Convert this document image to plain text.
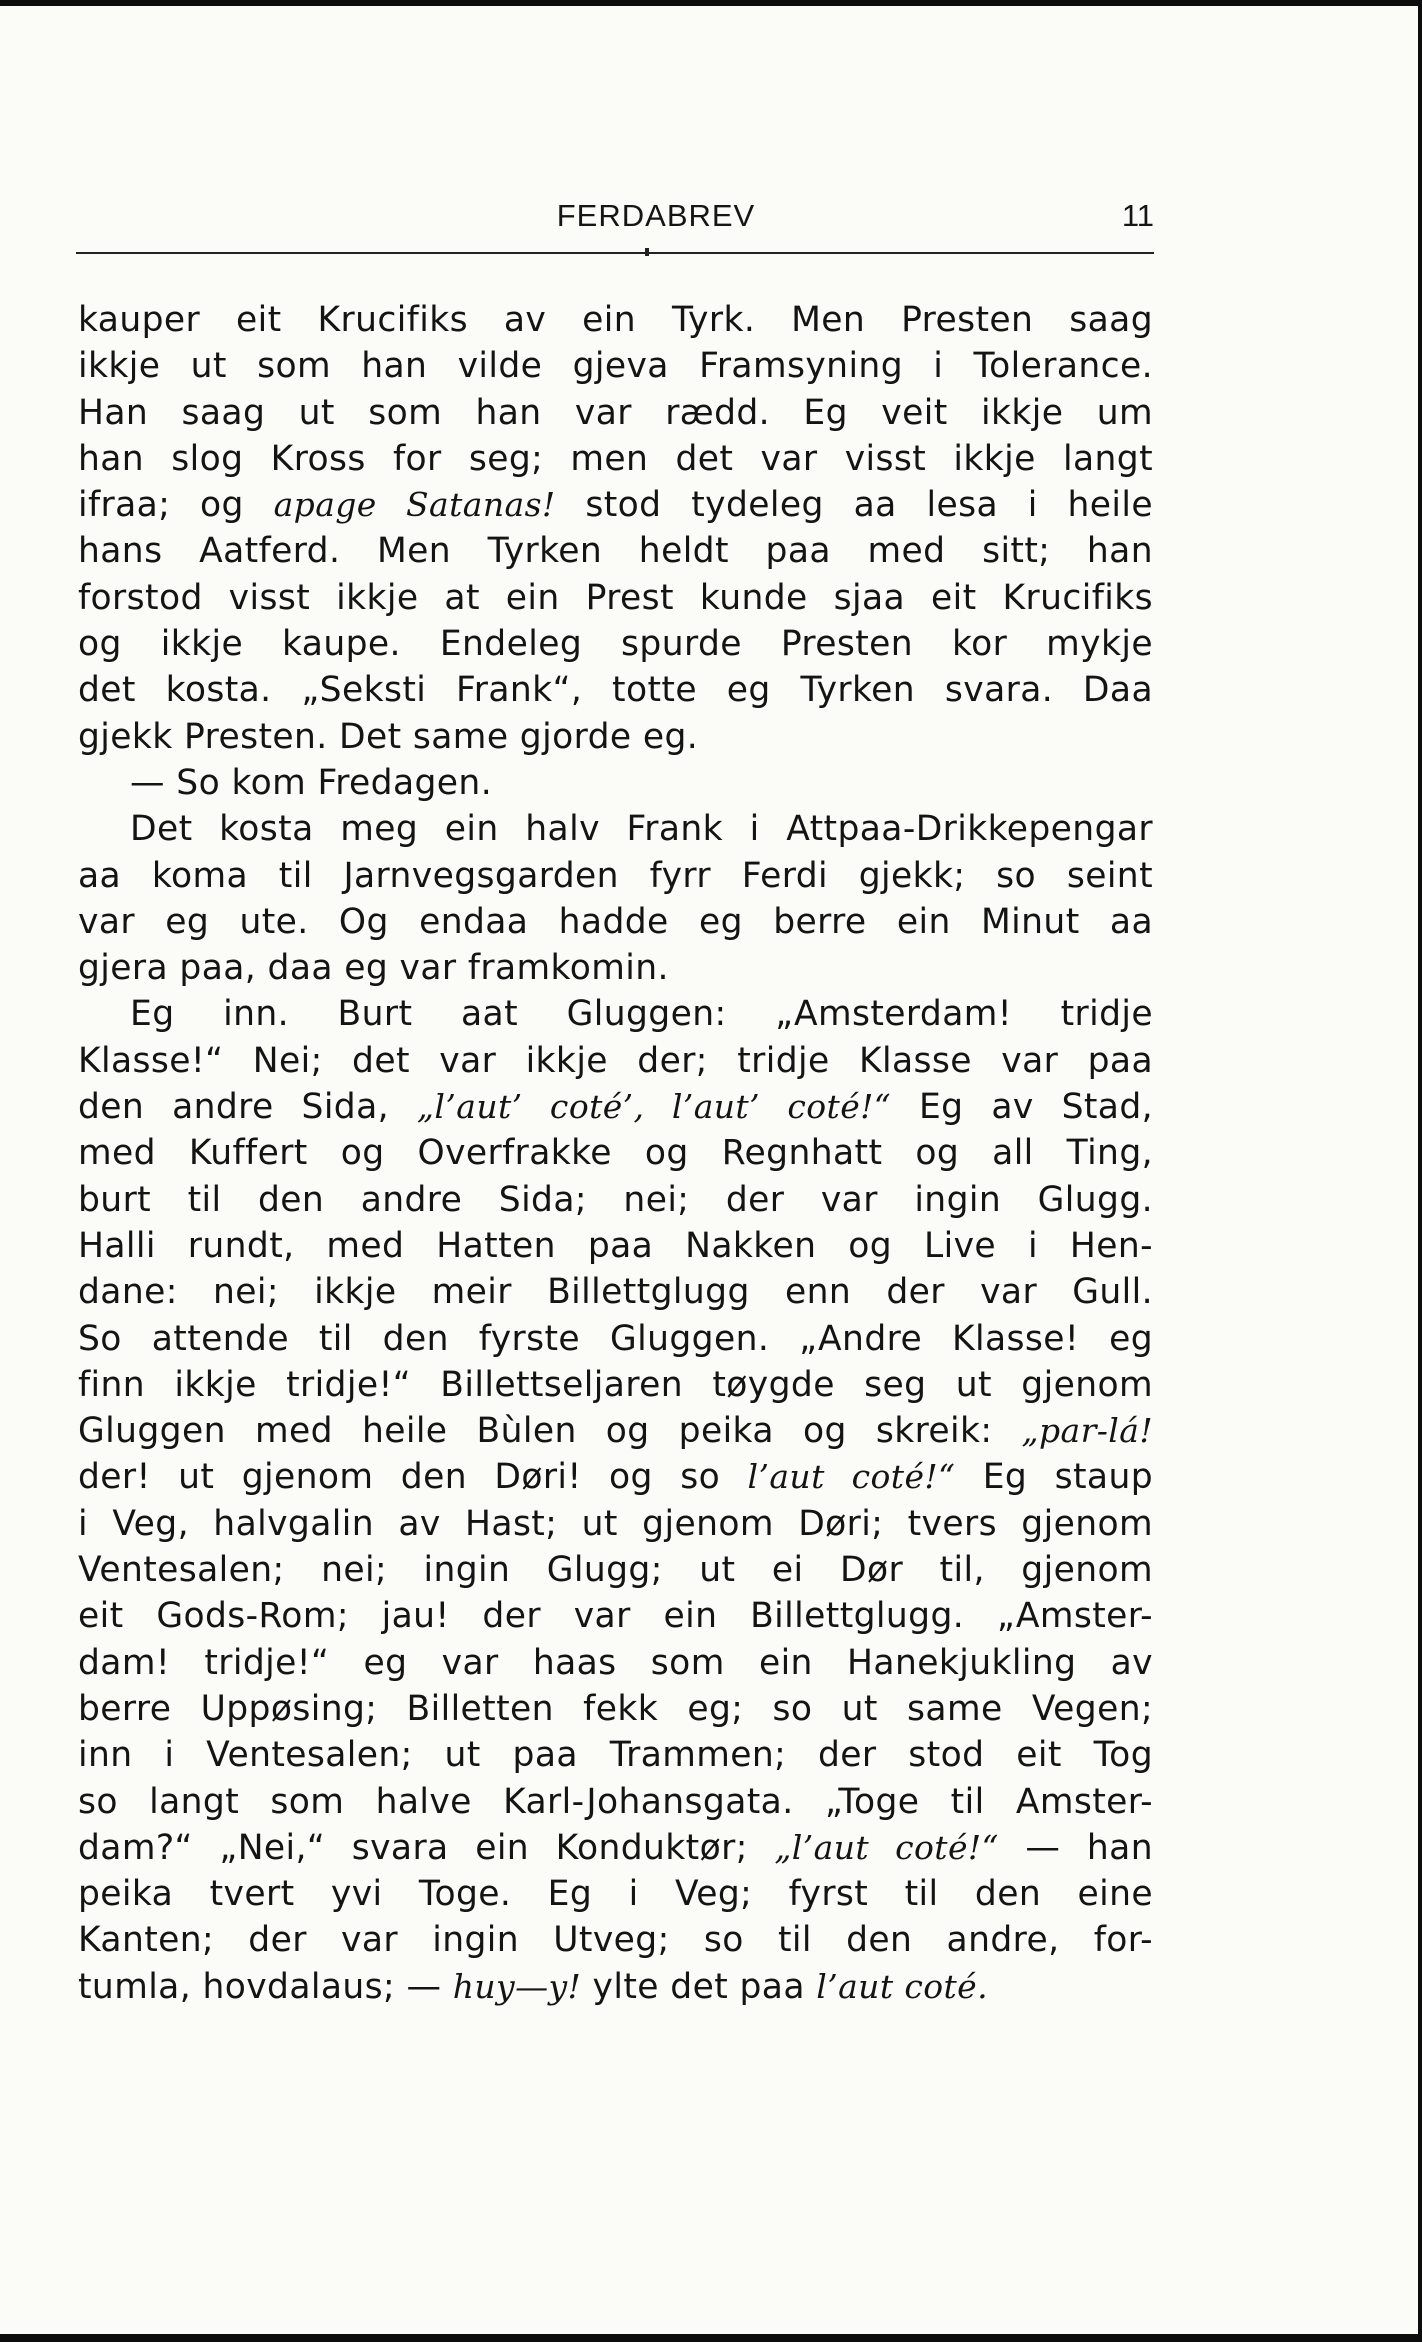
FERDABREV	11
kauper eit Krucifiks av ein Tyrk. Men Presten saag
ikkje ut som han vilde gjeva Framsyning i Tolerance.
Han saag ut som han var rædd. Eg veit ikkje um
han slog Kross for seg; men det var visst ikkje langt
ifraa; og apage Satanas! stod tydeleg aa lesa i heile
hans Aatferd. Men Tyrken heldt paa med sitt; han
forstod visst ikkje at ein Prest kunde sjaa eit Krucifiks
og ikkje kaupe. Endeleg spurde Presten kor mykje
det kosta. „Seksti Frank“, totte eg Tyrken svara. Daa
gjekk Presten. Det same gjorde eg.
— So kom Fredagen.
Det kosta meg ein halv Frank i Attpaa-Drikkepengar
aa koma til Jarnvegsgarden fyrr Ferdi gjekk; so seint
var eg ute. Og endaa hadde eg berre ein Minut aa
gjera paa, daa eg var framkomin.
Eg inn. Burt aat Gluggen: „Amsterdam! tridje
Klasse!“ Nei; det var ikkje der; tridje Klasse var paa
den andre Sida, „l’aut’ coté’, l’aut’ coté!“ Eg av Stad,
med Kuffert og Overfrakke og Regnhatt og all Ting,
burt til den andre Sida; nei; der var ingin Glugg.
Halli rundt, med Hatten paa Nakken og Live i Hen-
dane: nei; ikkje meir Billettglugg enn der var Gull.
So attende til den fyrste Gluggen. „Andre Klasse! eg
finn ikkje tridje!“ Billettseljaren tøygde seg ut gjenom
Gluggen med heile Bùlen og peika og skreik: „par-lá!
der! ut gjenom den Døri! og so l’aut coté!“ Eg staup
i Veg, halvgalin av Hast; ut gjenom Døri; tvers gjenom
Ventesalen; nei; ingin Glugg; ut ei Dør til, gjenom
eit Gods-Rom; jau! der var ein Billettglugg. „Amster-
dam! tridje!“ eg var haas som ein Hanekjukling av
berre Uppøsing; Billetten fekk eg; so ut same Vegen;
inn i Ventesalen; ut paa Trammen; der stod eit Tog
so langt som halve Karl-Johansgata. „Toge til Amster-
dam?“ „Nei,“ svara ein Konduktør; „l’aut coté!“ — han
peika tvert yvi Toge. Eg i Veg; fyrst til den eine
Kanten; der var ingin Utveg; so til den andre, for-
tumla, hovdalaus; — huy—y! ylte det paa l’aut coté.
